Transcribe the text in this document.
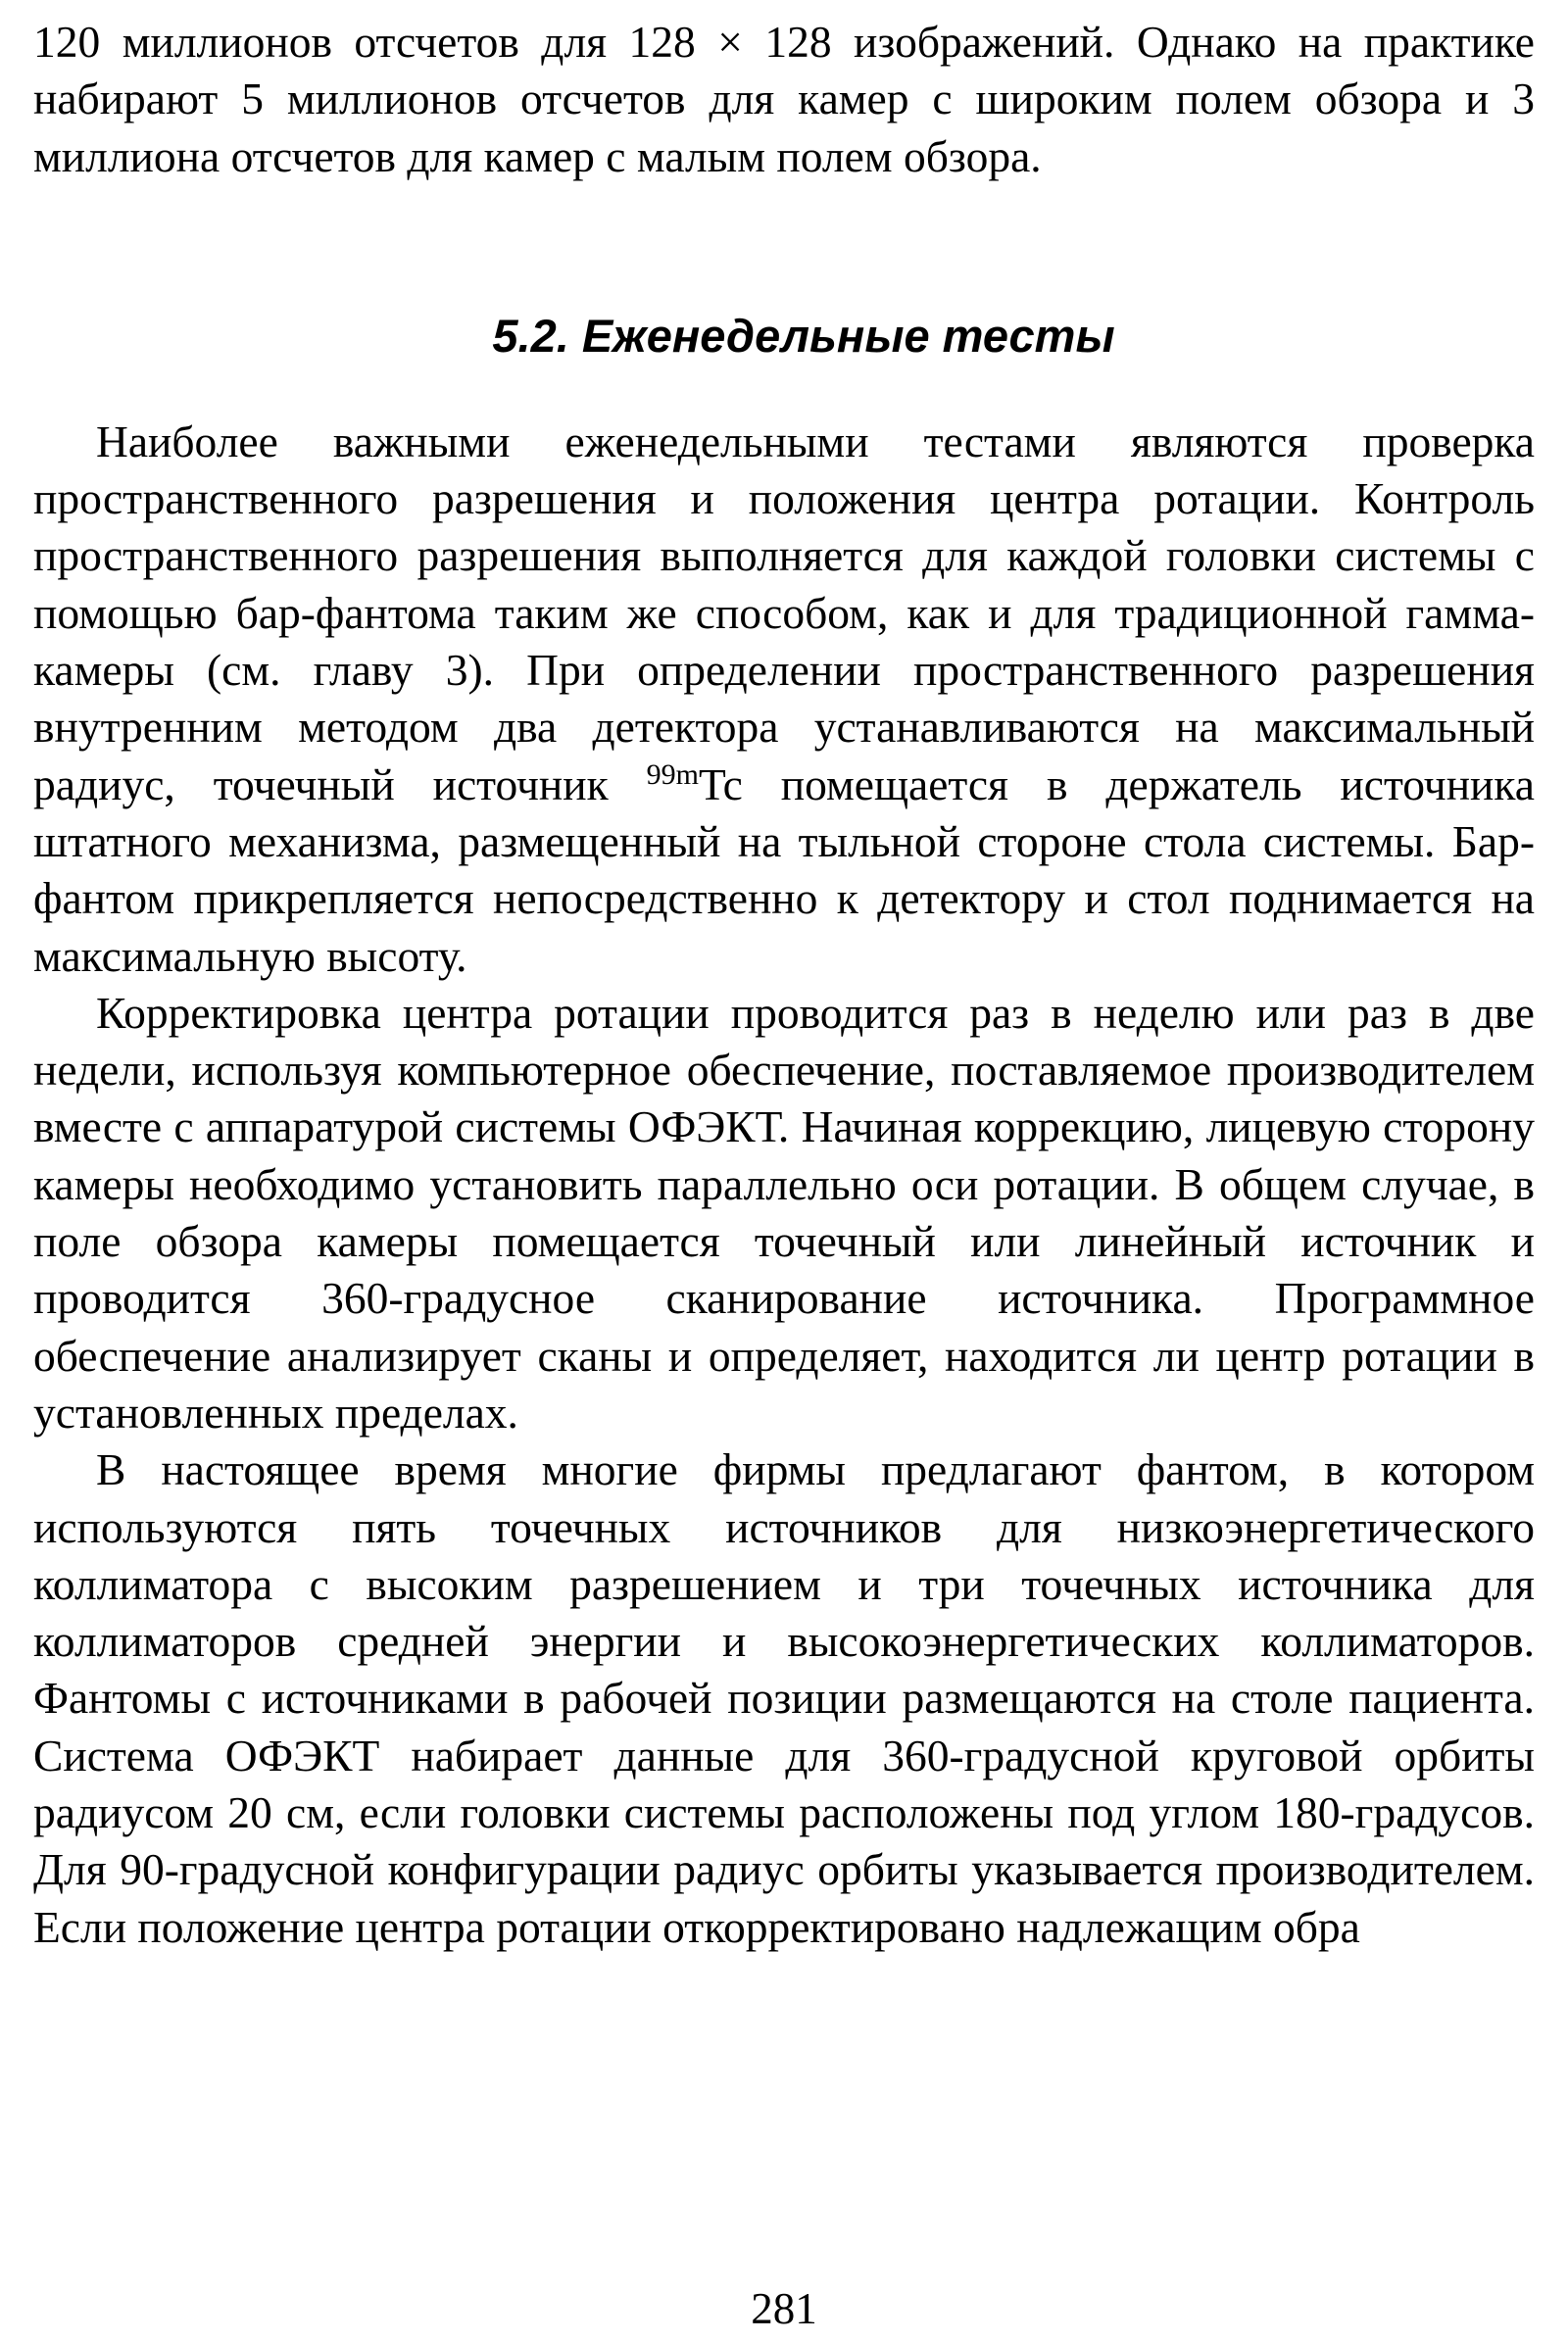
120 миллионов отсчетов для 128 × 128 изображений. Однако на практике набирают 5 миллионов отсчетов для камер с широким полем обзора и 3 миллиона отсчетов для камер с малым полем обзора.

5.2. Еженедельные тесты

Наиболее важными еженедельными тестами являются проверка пространственного разрешения и положения центра ротации. Контроль пространственного разрешения выполняется для каждой головки системы с помощью бар-фантома таким же способом, как и для традиционной гамма-камеры (см. главу 3). При определении пространственного разрешения внутренним методом два детектора устанавливаются на максимальный радиус, точечный источник $^{99m}$Tc помещается в держатель источника штатного механизма, размещенный на тыльной стороне стола системы. Бар-фантом прикрепляется непосредственно к детектору и стол поднимается на максимальную высоту.

Корректировка центра ротации проводится раз в неделю или раз в две недели, используя компьютерное обеспечение, поставляемое производителем вместе с аппаратурой системы ОФЭКТ. Начиная коррекцию, лицевую сторону камеры необходимо установить параллельно оси ротации. В общем случае, в поле обзора камеры помещается точечный или линейный источник и проводится 360-градусное сканирование источника. Программное обеспечение анализирует сканы и определяет, находится ли центр ротации в установленных пределах.

В настоящее время многие фирмы предлагают фантом, в котором используются пять точечных источников для низкоэнергетического коллиматора с высоким разрешением и три точечных источника для коллиматоров средней энергии и высокоэнергетических коллиматоров. Фантомы с источниками в рабочей позиции размещаются на столе пациента. Система ОФЭКТ набирает данные для 360-градусной круговой орбиты радиусом 20 см, если головки системы расположены под углом 180-градусов. Для 90-градусной конфигурации радиус орбиты указывается производителем. Если положение центра ротации откорректировано надлежащим обра

281
